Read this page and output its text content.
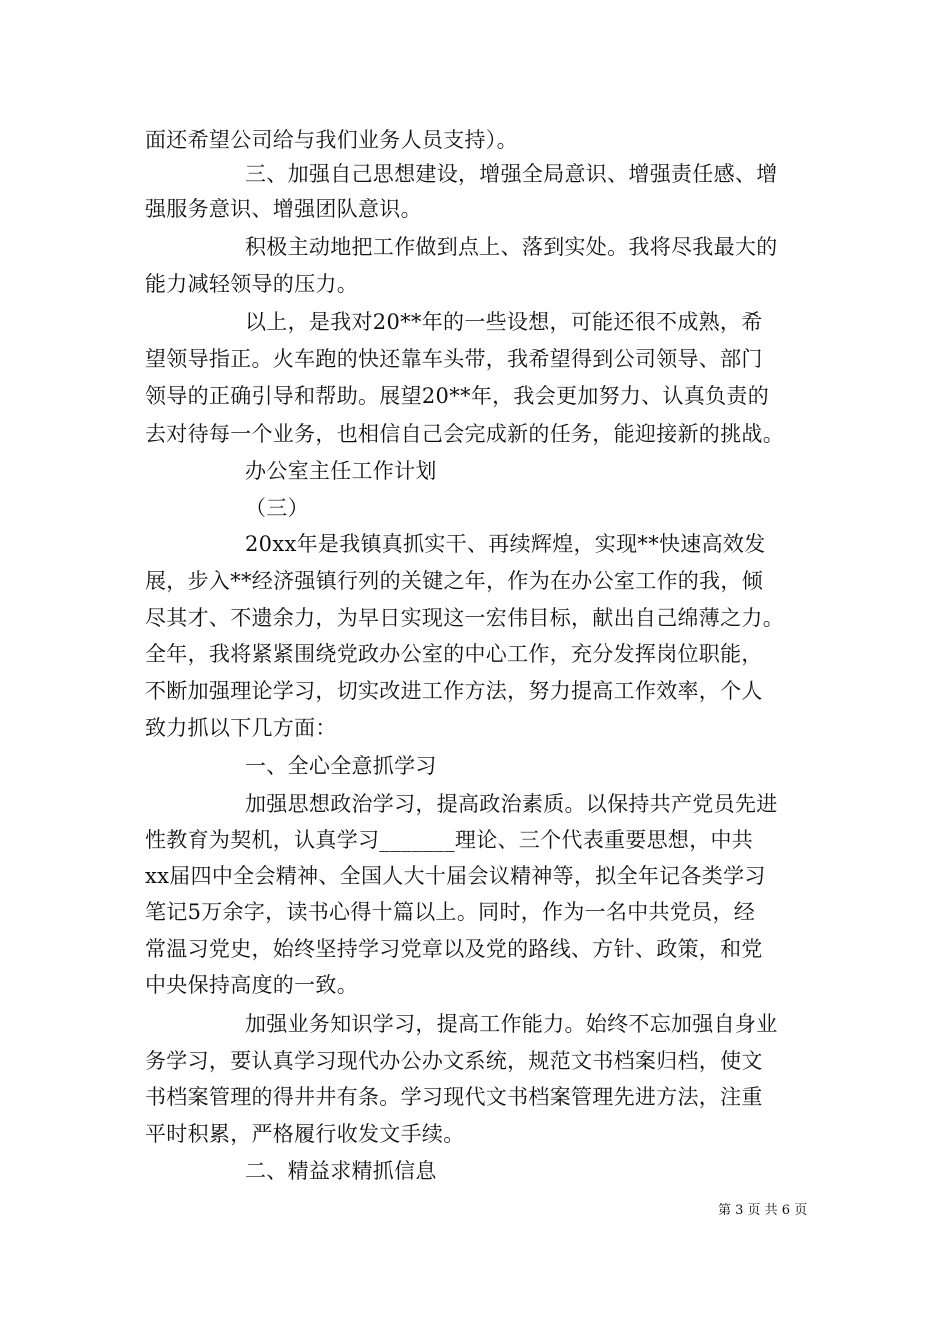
面还希望公司给与我们业务人员支持）。
三、加强自己思想建设，增强全局意识、增强责任感、增
强服务意识、增强团队意识。
积极主动地把工作做到点上、落到实处。我将尽我最大的
能力减轻领导的压力。
以上，是我对20**年的一些设想，可能还很不成熟，希
望领导指正。火车跑的快还靠车头带，我希望得到公司领导、部门
领导的正确引导和帮助。展望20**年，我会更加努力、认真负责的
去对待每一个业务，也相信自己会完成新的任务，能迎接新的挑战。
办公室主任工作计划
（三）
20xx年是我镇真抓实干、再续辉煌，实现**快速高效发
展，步入**经济强镇行列的关键之年，作为在办公室工作的我，倾
尽其才、不遗余力，为早日实现这一宏伟目标，献出自己绵薄之力。
全年，我将紧紧围绕党政办公室的中心工作，充分发挥岗位职能，
不断加强理论学习，切实改进工作方法，努力提高工作效率，个人
致力抓以下几方面：
一、全心全意抓学习
加强思想政治学习，提高政治素质。以保持共产党员先进
性教育为契机，认真学习_______理论、三个代表重要思想，中共
xx届四中全会精神、全国人大十届会议精神等，拟全年记各类学习
笔记5万余字，读书心得十篇以上。同时，作为一名中共党员，经
常温习党史，始终坚持学习党章以及党的路线、方针、政策，和党
中央保持高度的一致。
加强业务知识学习，提高工作能力。始终不忘加强自身业
务学习，要认真学习现代办公办文系统，规范文书档案归档，使文
书档案管理的得井井有条。学习现代文书档案管理先进方法，注重
平时积累，严格履行收发文手续。
二、精益求精抓信息
第 3 页 共 6 页
